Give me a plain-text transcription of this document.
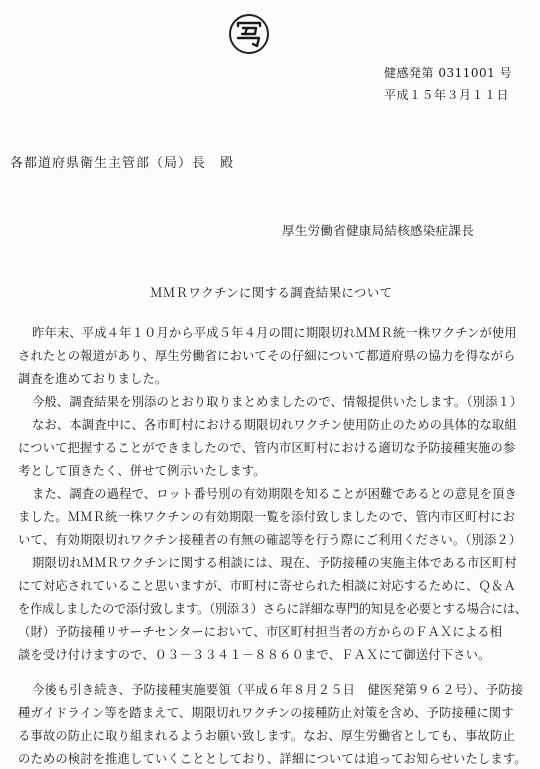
健感発第 0311001 号
平成１５年３月１１日
各都道府県衛生主管部（局）長　殿
厚生労働省健康局結核感染症課長
ＭＭＲワクチンに関する調査結果について
昨年末、平成４年１０月から平成５年４月の間に期限切れＭＭＲ統一株ワクチンが使用
されたとの報道があり、厚生労働省においてその仔細について都道府県の協力を得ながら
調査を進めておりました。
今般、調査結果を別添のとおり取りまとめましたので、情報提供いたします。（別添１）
なお、本調査中に、各市町村における期限切れワクチン使用防止のための具体的な取組
について把握することができましたので、管内市区町村における適切な予防接種実施の参
考として頂きたく、併せて例示いたします。
また、調査の過程で、ロット番号別の有効期限を知ることが困難であるとの意見を頂き
ました。ＭＭＲ統一株ワクチンの有効期限一覧を添付致しましたので、管内市区町村にお
いて、有効期限切れワクチン接種者の有無の確認等を行う際にご利用ください。（別添２）
期限切れＭＭＲワクチンに関する相談には、現在、予防接種の実施主体である市区町村
にて対応されていること思いますが、市町村に寄せられた相談に対応するために、Ｑ＆Ａ
を作成しましたので添付致します。（別添３）さらに詳細な専門的知見を必要とする場合には、
（財）予防接種リサーチセンターにおいて、市区町村担当者の方からのＦＡＸによる相
談を受け付けますので、０３－３３４１－８８６０まで、ＦＡＸにて御送付下さい。
今後も引き続き、予防接種実施要領（平成６年８月２５日　健医発第９６２号）、予防接
種ガイドライン等を踏まえて、期限切れワクチンの接種防止対策を含め、予防接種に関す
る事故の防止に取り組まれるようお願い致します。なお、厚生労働省としても、事故防止
のための検討を推進していくこととしており、詳細については追ってお知らせいたします。
